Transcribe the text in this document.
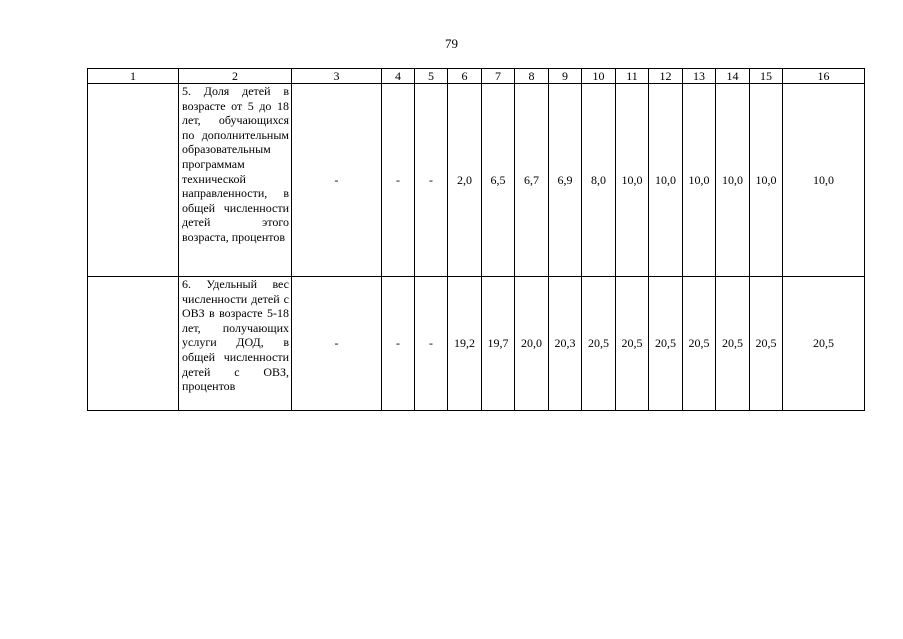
79
1	2	3	4	5	6	7	8	9	10	11	12	13	14	15	16
	5. Доля детей в возрасте от 5 до 18 лет, обучающихся по дополнительным образовательным программам технической направленности, в общей численности детей этого возраста, процентов	-	-	-	2,0	6,5	6,7	6,9	8,0	10,0	10,0	10,0	10,0	10,0	10,0
	6. Удельный вес численности детей с ОВЗ в возрасте 5-18 лет, получающих услуги ДОД, в общей численности детей с ОВЗ, процентов	-	-	-	19,2	19,7	20,0	20,3	20,5	20,5	20,5	20,5	20,5	20,5	20,5
